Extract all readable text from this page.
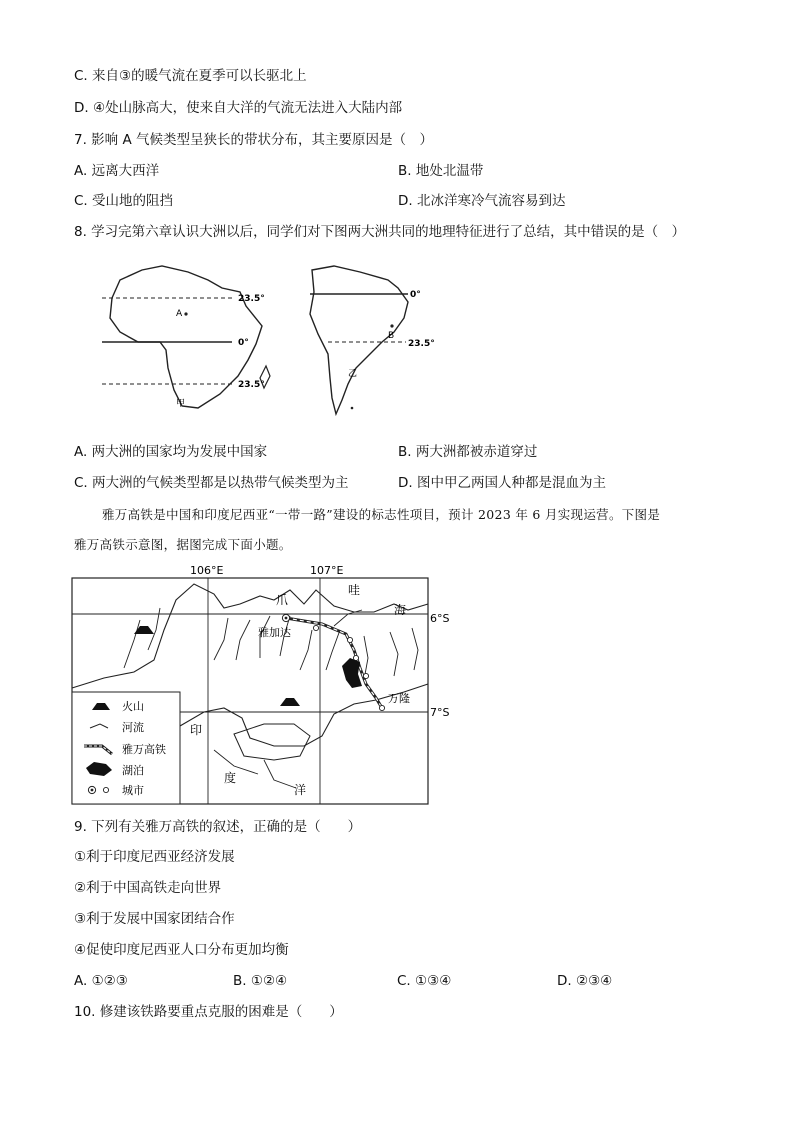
C. 来自③的暖气流在夏季可以长驱北上
D. ④处山脉高大，使来自大洋的气流无法进入大陆内部
7. 影响 A 气候类型呈狭长的带状分布，其主要原因是（　）
A. 远离大西洋	B. 地处北温带
C. 受山地的阻挡	D. 北冰洋寒冷气流容易到达
8. 学习完第六章认识大洲以后，同学们对下图两大洲共同的地理特征进行了总结，其中错误的是（　）
23.5°
0°
23.5°
A
甲
0°
23.5°
B
乙
A. 两大洲的国家均为发展中国家	B. 两大洲都被赤道穿过
C. 两大洲的气候类型都是以热带气候类型为主	D. 图中甲乙两国人种都是混血为主
雅万高铁是中国和印度尼西亚“一带一路”建设的标志性项目，预计 2023 年 6 月实现运营。下图是
雅万高铁示意图，据图完成下面小题。
106°E	107°E
6°S
7°S
哇
海
爪
雅加达
万隆
印
度
洋
火山
河流
雅万高铁
湖泊
城市
9. 下列有关雅万高铁的叙述，正确的是（　　）
①利于印度尼西亚经济发展
②利于中国高铁走向世界
③利于发展中国家团结合作
④促使印度尼西亚人口分布更加均衡
A. ①②③	B. ①②④	C. ①③④	D. ②③④
10. 修建该铁路要重点克服的困难是（　　）
